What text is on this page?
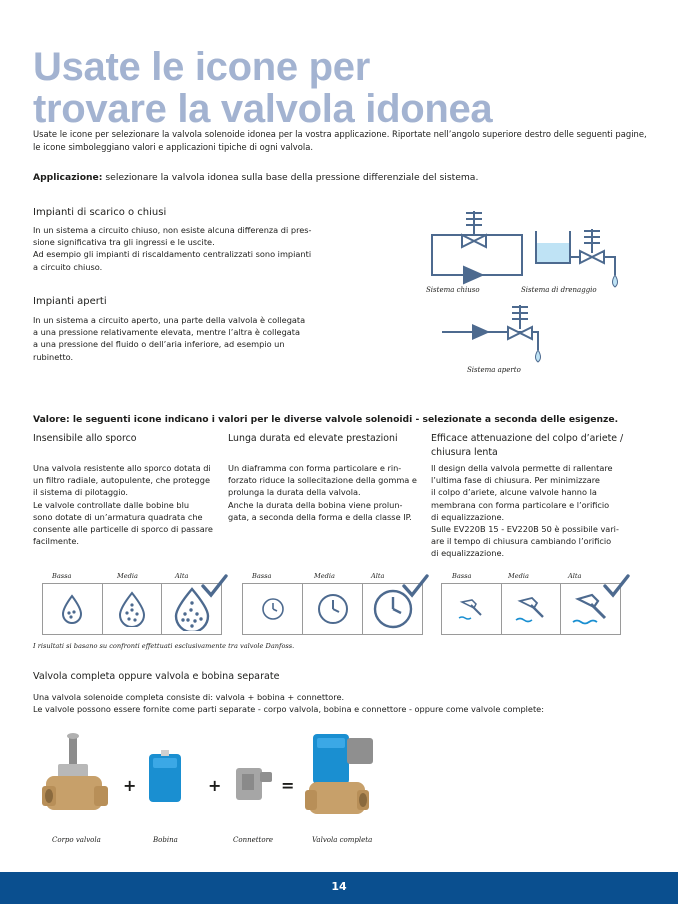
Usate le icone per
trovare la valvola idonea
Usate le icone per selezionare la valvola solenoide idonea per la vostra applicazione. Riportate nell’angolo superiore destro delle seguenti pagine,
le icone simboleggiano valori e applicazioni tipiche di ogni valvola.
Applicazione: selezionare la valvola idonea sulla base della pressione differenziale del sistema.
Impianti di scarico o chiusi
In un sistema a circuito chiuso, non esiste alcuna differenza di pres-
sione significativa tra gli ingressi e le uscite.
Ad esempio gli impianti di riscaldamento centralizzati sono impianti
a circuito chiuso.
Impianti aperti
In un sistema a circuito aperto, una parte della valvola è collegata
a una pressione relativamente elevata, mentre l’altra è collegata
a una pressione del fluido o dell’aria inferiore, ad esempio un
rubinetto.
Sistema chiuso	Sistema di drenaggio
Sistema aperto
Valore: le seguenti icone indicano i valori per le diverse valvole solenoidi - selezionate a seconda delle esigenze.
Insensibile allo sporco
Una valvola resistente allo sporco dotata di
un filtro radiale, autopulente, che protegge
il sistema di pilotaggio.
Le valvole controllate dalle bobine blu
sono dotate di un’armatura quadrata che
consente alle particelle di sporco di passare
facilmente.
Lunga durata ed elevate prestazioni
Un diaframma con forma particolare e rin-
forzato riduce la sollecitazione della gomma e
prolunga la durata della valvola.
Anche la durata della bobina viene prolun-
gata, a seconda della forma e della classe IP.
Efficace attenuazione del colpo d’ariete /
chiusura lenta
Il design della valvola permette di rallentare
l’ultima fase di chiusura. Per minimizzare
il colpo d’ariete, alcune valvole hanno la
membrana con forma particolare e l’orificio
di equalizzazione.
Sulle EV220B 15 - EV220B 50 è possibile vari-
are il tempo di chiusura cambiando l’orificio
di equalizzazione.
Bassa	Media	Alta	Bassa	Media	Alta	Bassa	Media	Alta
I risultati si basano su confronti effettuati esclusivamente tra valvole Danfoss.
Valvola completa oppure valvola e bobina separate
Una valvola solenoide completa consiste di: valvola + bobina + connettore.
Le valvole possono essere fornite come parti separate - corpo valvola, bobina e connettore - oppure come valvole complete:
+	+	=
Corpo valvola	Bobina	Connettore	Valvola completa
14
